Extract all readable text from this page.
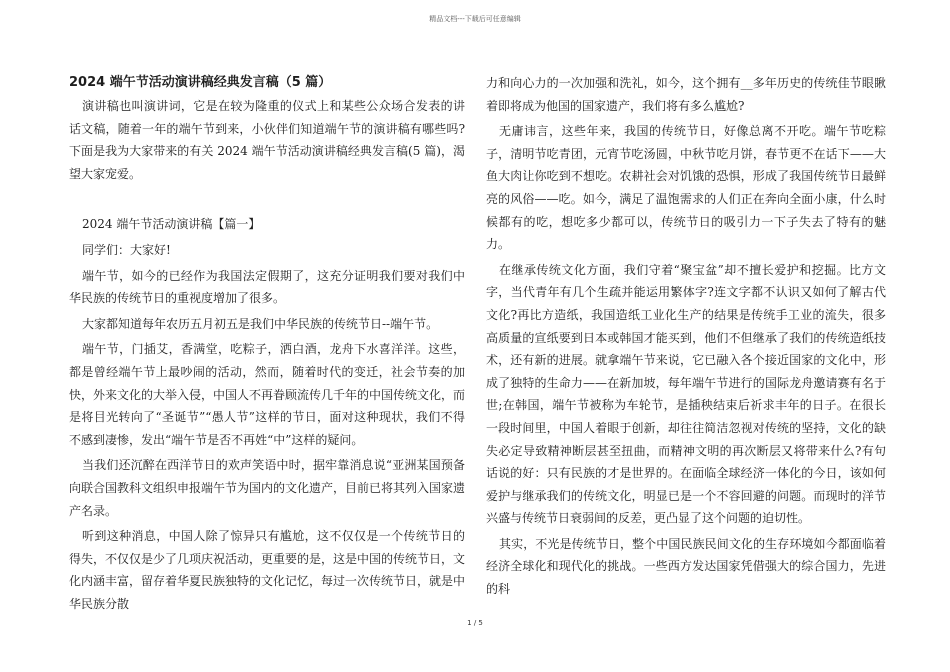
精品文档---下载后可任意编辑
2024 端午节活动演讲稿经典发言稿（5 篇）

演讲稿也叫演讲词，它是在较为隆重的仪式上和某些公众场合发表的讲话文稿，随着一年的端午节到来，小伙伴们知道端午节的演讲稿有哪些吗?下面是我为大家带来的有关 2024 端午节活动演讲稿经典发言稿(5 篇)，渴望大家宠爱。

2024 端午节活动演讲稿【篇一】

同学们：大家好!

端午节，如今的已经作为我国法定假期了，这充分证明我们要对我们中华民族的传统节日的重视度增加了很多。

大家都知道每年农历五月初五是我们中华民族的传统节日--端午节。

端午节，门插艾，香满堂，吃粽子，洒白酒，龙舟下水喜洋洋。这些，都是曾经端午节上最吵闹的活动，然而，随着时代的变迁，社会节奏的加快，外来文化的大举入侵，中国人不再眷顾流传几千年的中国传统文化，而是将目光转向了“圣诞节”“愚人节”这样的节日，面对这种现状，我们不得不感到凄惨，发出“端午节是否不再姓“中”这样的疑问。

当我们还沉醉在西洋节日的欢声笑语中时，据牢靠消息说“亚洲某国预备向联合国教科文组织申报端午节为国内的文化遗产，目前已将其列入国家遗产名录。

听到这种消息，中国人除了惊异只有尴尬，这不仅仅是一个传统节日的得失，不仅仅是少了几项庆祝活动，更重要的是，这是中国的传统节日，文化内涵丰富，留存着华夏民族独特的文化记忆，每过一次传统节日，就是中华民族分散

力和向心力的一次加强和洗礼，如今，这个拥有__多年历史的传统佳节眼瞅着即将成为他国的国家遗产，我们将有多么尴尬?

无庸讳言，这些年来，我国的传统节日，好像总离不开吃。端午节吃粽子，清明节吃青团，元宵节吃汤圆，中秋节吃月饼，春节更不在话下——大鱼大肉让你吃到不想吃。农耕社会对饥饿的恐惧，形成了我国传统节日最鲜亮的风俗——吃。如今，满足了温饱需求的人们正在奔向全面小康，什么时候都有的吃，想吃多少都可以，传统节日的吸引力一下子失去了特有的魅力。

在继承传统文化方面，我们守着“聚宝盆”却不擅长爱护和挖掘。比方文字，当代青年有几个生疏并能运用繁体字?连文字都不认识又如何了解古代文化?再比方造纸，我国造纸工业化生产的结果是传统手工业的流失，很多高质量的宣纸要到日本或韩国才能买到，他们不但继承了我们的传统造纸技术，还有新的进展。就拿端午节来说，它已融入各个接近国家的文化中，形成了独特的生命力——在新加坡，每年端午节进行的国际龙舟邀请赛有名于世;在韩国，端午节被称为车轮节，是插秧结束后祈求丰年的日子。在很长一段时间里，中国人着眼于创新，却往往简洁忽视对传统的坚持，文化的缺失必定导致精神断层甚至扭曲，而精神文明的再次断层又将带来什么?有句话说的好：只有民族的才是世界的。在面临全球经济一体化的今日，该如何爱护与继承我们的传统文化，明显已是一个不容回避的问题。而现时的洋节兴盛与传统节日衰弱间的反差，更凸显了这个问题的迫切性。

其实，不光是传统节日，整个中国民族民间文化的生存环境如今都面临着经济全球化和现代化的挑战。一些西方发达国家凭借强大的综合国力，先进的科

1 / 5
